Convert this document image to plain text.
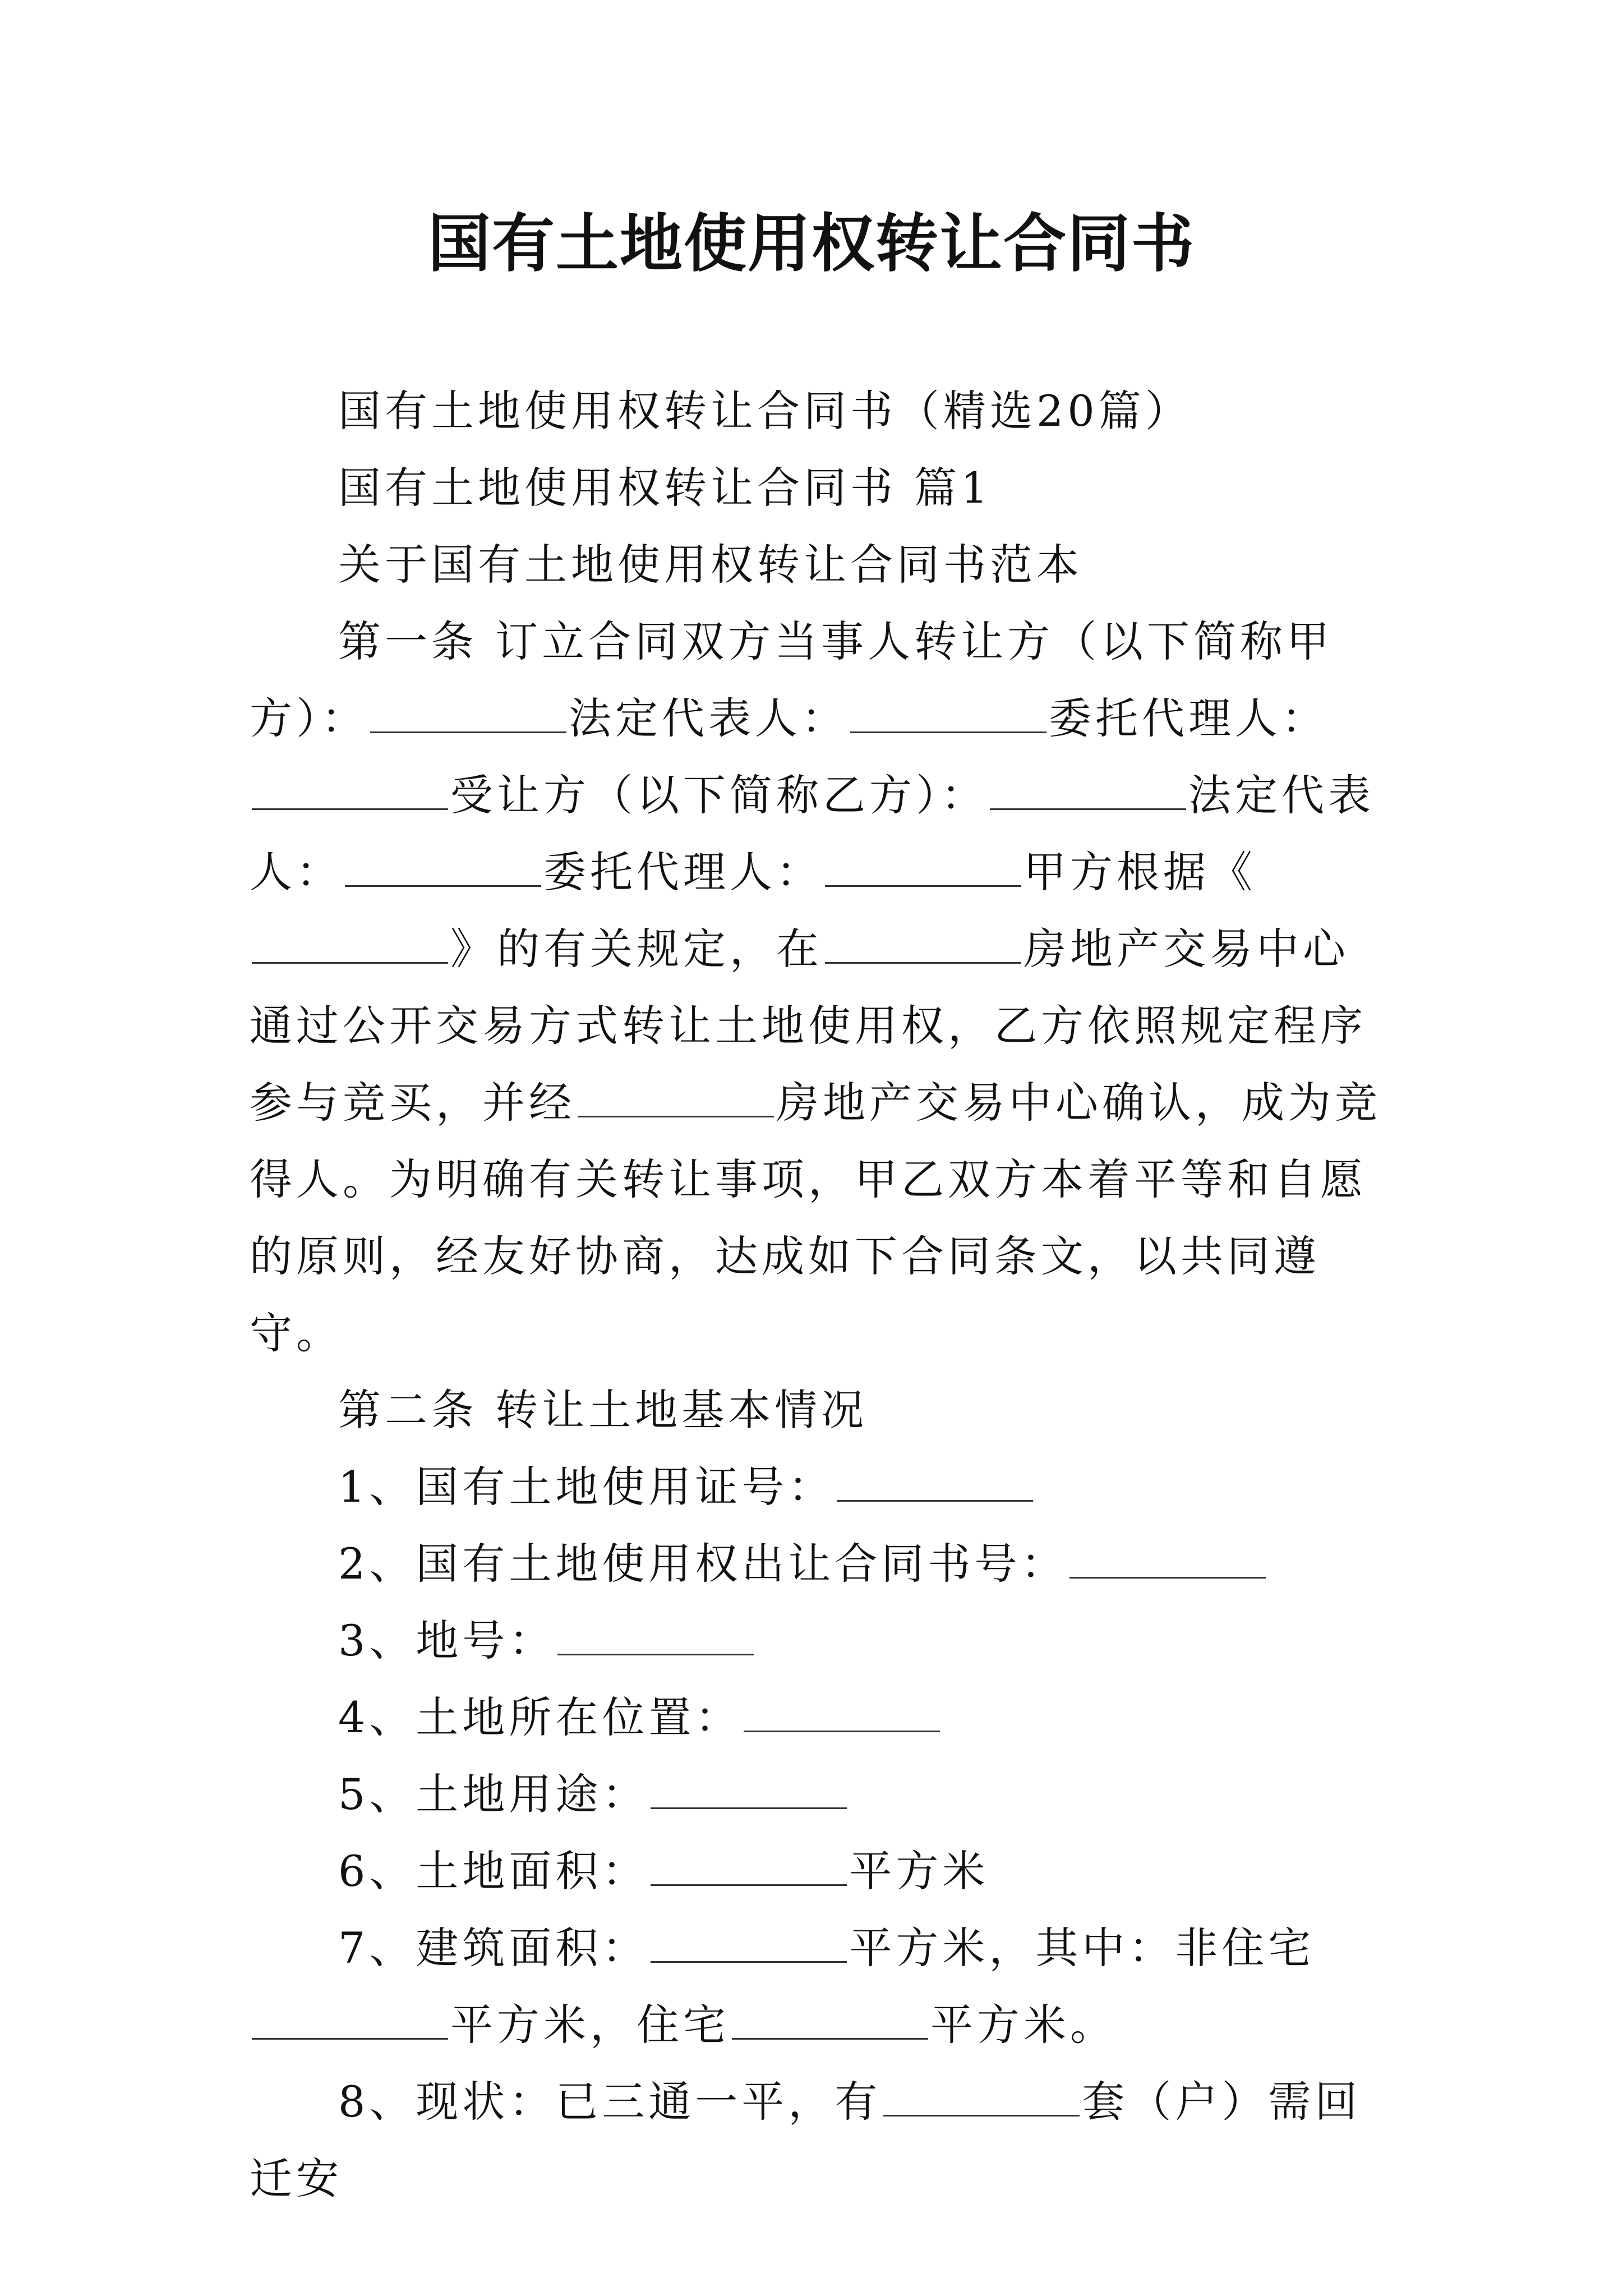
国有土地使用权转让合同书

国有土地使用权转让合同书（精选20篇）

国有土地使用权转让合同书 篇1

关于国有土地使用权转让合同书范本

第一条 订立合同双方当事人转让方（以下简称甲方）：	法定代表人：	委托代理人：受让方（以下简称乙方）：	法定代表人：	委托代理人：	甲方根据《》的有关规定，在	房地产交易中心通过公开交易方式转让土地使用权，乙方依照规定程序参与竞买，并经	房地产交易中心确认，成为竞得人。为明确有关转让事项，甲乙双方本着平等和自愿的原则，经友好协商，达成如下合同条文，以共同遵守。

第二条 转让土地基本情况

1、国有土地使用证号：

2、国有土地使用权出让合同书号：

3、地号：

4、土地所在位置：

5、土地用途：

6、土地面积：	平方米

7、建筑面积：	平方米，其中：非住宅平方米，住宅	平方米。

8、现状：已三通一平，有	套（户）需回迁安
